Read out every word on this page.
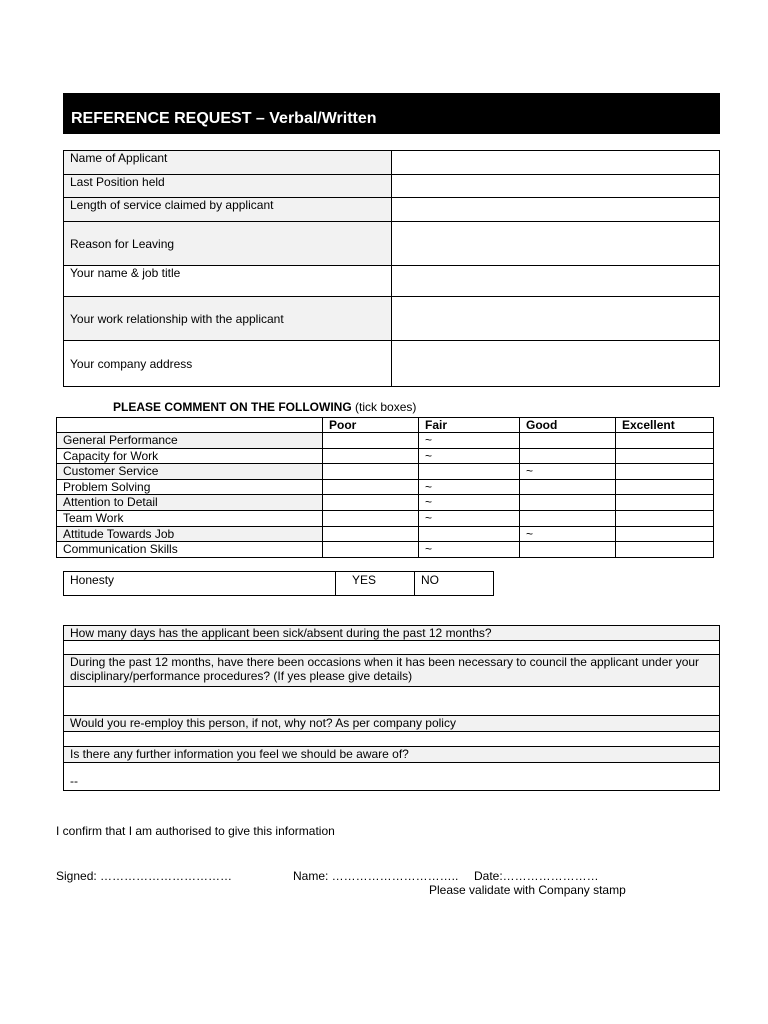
REFERENCE REQUEST – Verbal/Written
Name of Applicant	
Last Position held	
Length of service claimed by applicant	
Reason for Leaving	
Your name & job title	
Your work relationship with the applicant	
Your company address	
PLEASE COMMENT ON THE FOLLOWING (tick boxes)
	Poor	Fair	Good	Excellent
General Performance		~		
Capacity for Work		~		
Customer Service			~	
Problem Solving		~		
Attention to Detail		~		
Team Work		~		
Attitude Towards Job			~	
Communication Skills		~		
Honesty	YES	NO
How many days has the applicant been sick/absent during the past 12 months?

During the past 12 months, have there been occasions when it has been necessary to council the applicant under your disciplinary/performance procedures? (If yes please give details)

Would you re-employ this person, if not, why not? As per company policy

Is there any further information you feel we should be aware of?
--
I confirm that I am authorised to give this information
Signed: ……………………………	Name: ………………………….. Date:……………………
Please validate with Company stamp
